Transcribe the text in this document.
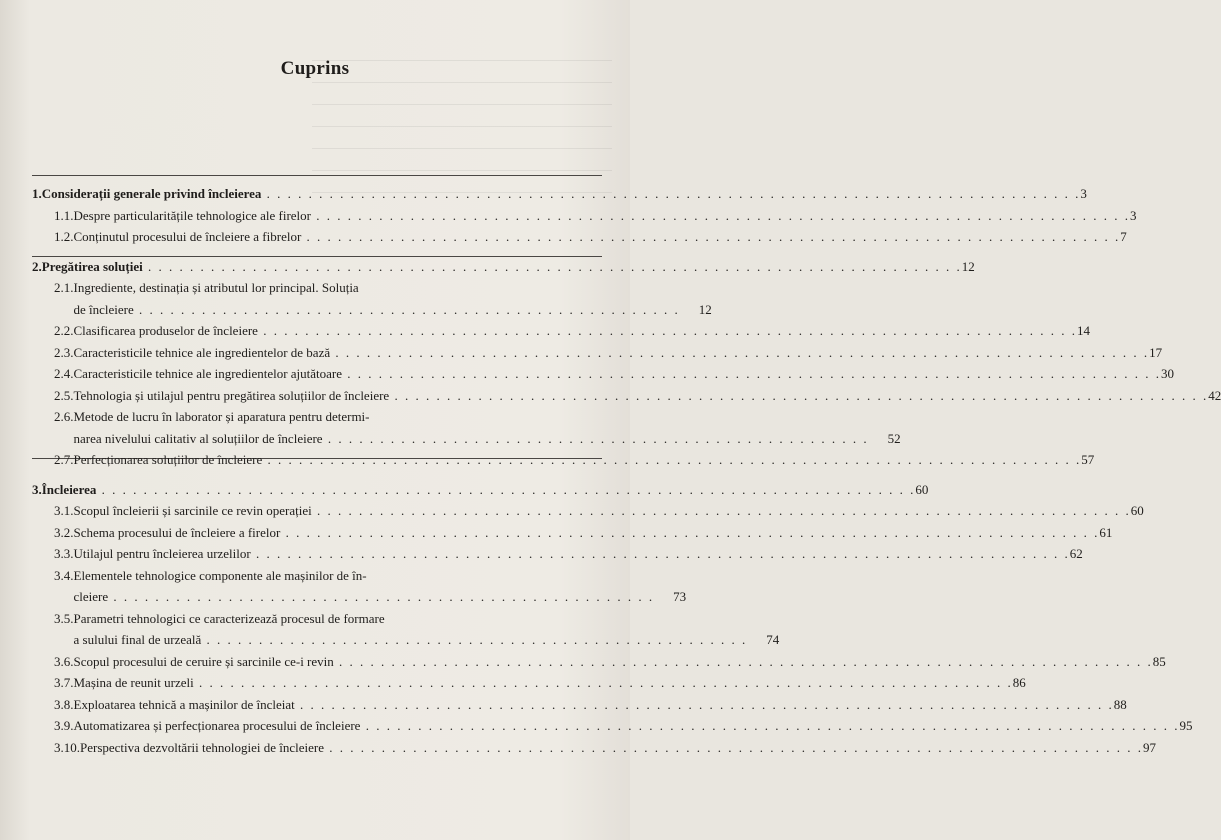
Cuprins
1. Considerații generale privind încleierea . . .	3
1.1. Despre particularitățile tehnologice ale firelor . . .	3
1.2. Conținutul procesului de încleiere a fibrelor . . .	7
2. Pregătirea soluției . . .	12
2.1. Ingrediente, destinația și atributul lor principal. Soluția
de încleiere . . .	12
2.2. Clasificarea produselor de încleiere . . .	14
2.3. Caracteristicile tehnice ale ingredientelor de bază . . .	17
2.4. Caracteristicile tehnice ale ingredientelor ajutătoare . . .	30
2.5. Tehnologia și utilajul pentru pregătirea soluțiilor de încleiere . . .	42
2.6. Metode de lucru în laborator și aparatura pentru determi-
narea nivelului calitativ al soluțiilor de încleiere . . .	52
2.7. Perfecționarea soluțiilor de încleiere . . .	57
3. Încleierea . . .	60
3.1. Scopul încleierii și sarcinile ce revin operației . . .	60
3.2. Schema procesului de încleiere a firelor . . .	61
3.3. Utilajul pentru încleierea urzelilor . . .	62
3.4. Elementele tehnologice componente ale mașinilor de în-
cleiere . . .	73
3.5. Parametri tehnologici ce caracterizează procesul de formare
a sulului final de urzeală . . .	74
3.6. Scopul procesului de ceruire și sarcinile ce-i revin . . .	85
3.7. Mașina de reunit urzeli . . .	86
3.8. Exploatarea tehnică a mașinilor de încleiat . . .	88
3.9. Automatizarea și perfecționarea procesului de încleiere . . .	95
3.10. Perspectiva dezvoltării tehnologiei de încleiere . . .	97
